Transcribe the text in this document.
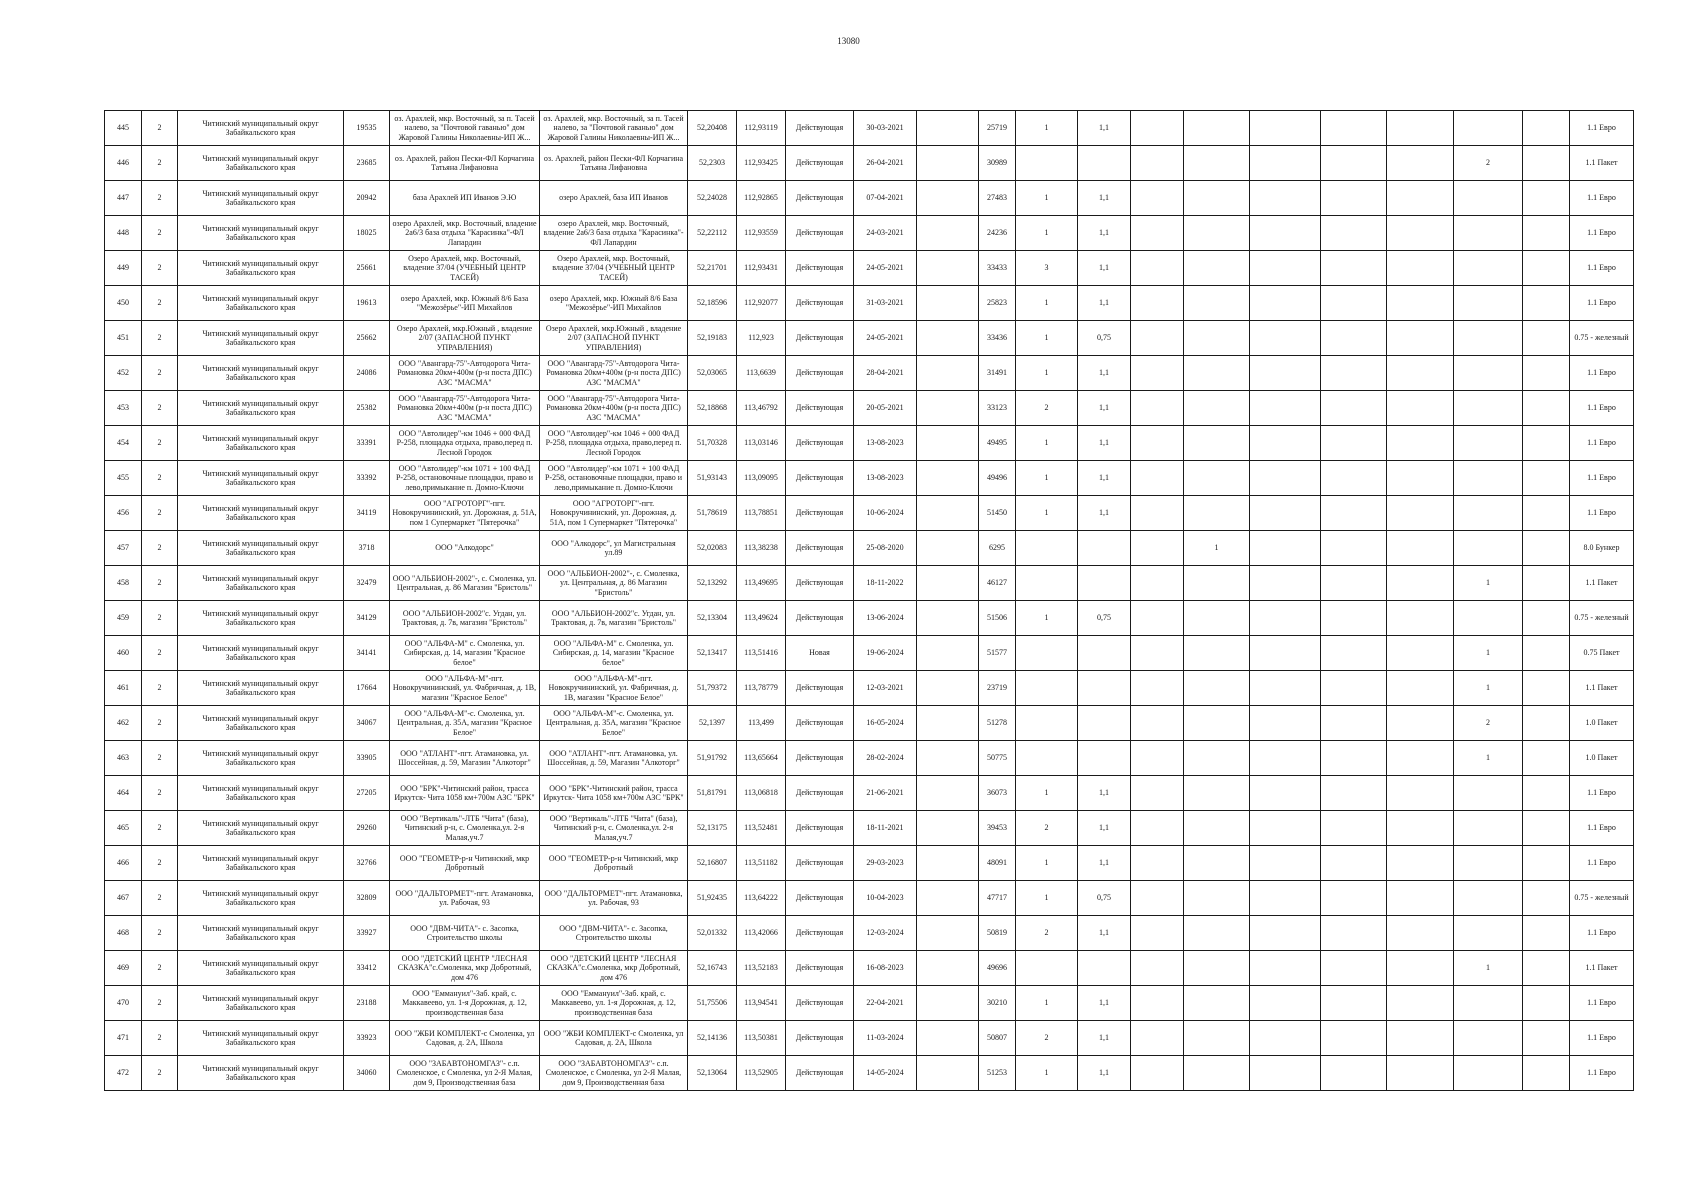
13080
445	2	Читинский муниципальный округ Забайкальского края	19535	оз. Арахлей, мкр. Восточный, за п. Тасей налево, за "Почтовой гаванью" дом Жаровой Галины Николаевны-ИП Ж...	оз. Арахлей, мкр. Восточный, за п. Тасей налево, за "Почтовой гаванью" дом Жаровой Галины Николаевны-ИП Ж...	52,20408	112,93119	Действующая	30-03-2021		25719	1	1,1								1.1 Евро

446	2	Читинский муниципальный округ Забайкальского края	23685	оз. Арахлей, район Пески-ФЛ Корчагина Татьяна Лифановна	оз. Арахлей, район Пески-ФЛ Корчагина Татьяна Лифановна	52,2303	112,93425	Действующая	26-04-2021		30989								2		1.1 Пакет

447	2	Читинский муниципальный округ Забайкальского края	20942	база Арахлей ИП Иванов Э.Ю	озеро Арахлей, база ИП Иванов	52,24028	112,92865	Действующая	07-04-2021		27483	1	1,1								1.1 Евро

448	2	Читинский муниципальный округ Забайкальского края	18025	озеро Арахлей, мкр. Восточный, владение 2а6/3 база отдыха "Карасинка"-ФЛ Лапардин	озеро Арахлей, мкр. Восточный, владение 2а6/3 база отдыха "Карасинка"-ФЛ Лапардин	52,22112	112,93559	Действующая	24-03-2021		24236	1	1,1								1.1 Евро

449	2	Читинский муниципальный округ Забайкальского края	25661	Озеро Арахлей, мкр. Восточный, владение 37/04 (УЧЕБНЫЙ ЦЕНТР ТАСЕЙ)	Озеро Арахлей, мкр. Восточный, владение 37/04 (УЧЕБНЫЙ ЦЕНТР ТАСЕЙ)	52,21701	112,93431	Действующая	24-05-2021		33433	3	1,1								1.1 Евро

450	2	Читинский муниципальный округ Забайкальского края	19613	озеро Арахлей, мкр. Южный 8/6 База "Межозёрье"-ИП Михайлов	озеро Арахлей, мкр. Южный 8/6 База "Межозёрье"-ИП Михайлов	52,18596	112,92077	Действующая	31-03-2021		25823	1	1,1								1.1 Евро

451	2	Читинский муниципальный округ Забайкальского края	25662	Озеро Арахлей, мкр.Южный , владение 2/07 (ЗАПАСНОЙ ПУНКТ УПРАВЛЕНИЯ)	Озеро Арахлей, мкр.Южный , владение 2/07 (ЗАПАСНОЙ ПУНКТ УПРАВЛЕНИЯ)	52,19183	112,923	Действующая	24-05-2021		33436	1	0,75								0.75 - железный

452	2	Читинский муниципальный округ Забайкальского края	24086	ООО "Авангард-75"-Автодорога Чита-Романовка 20км+400м (р-н поста ДПС) АЗС "МАСМА"	ООО "Авангард-75"-Автодорога Чита-Романовка 20км+400м (р-н поста ДПС) АЗС "МАСМА"	52,03065	113,6639	Действующая	28-04-2021		31491	1	1,1								1.1 Евро

453	2	Читинский муниципальный округ Забайкальского края	25382	ООО "Авангард-75"-Автодорога Чита-Романовка 20км+400м (р-н поста ДПС) АЗС "МАСМА"	ООО "Авангард-75"-Автодорога Чита-Романовка 20км+400м (р-н поста ДПС) АЗС "МАСМА"	52,18868	113,46792	Действующая	20-05-2021		33123	2	1,1								1.1 Евро

454	2	Читинский муниципальный округ Забайкальского края	33391	ООО "Автолидер"-км 1046 + 000 ФАД Р-258, площадка отдыха, право,перед п. Лесной Городок	ООО "Автолидер"-км 1046 + 000 ФАД Р-258, площадка отдыха, право,перед п. Лесной Городок	51,70328	113,03146	Действующая	13-08-2023		49495	1	1,1								1.1 Евро

455	2	Читинский муниципальный округ Забайкальского края	33392	ООО "Автолидер"-км 1071 + 100 ФАД Р-258, остановочные площадки, право и лево,примыкание п. Домно-Ключи	ООО "Автолидер"-км 1071 + 100 ФАД Р-258, остановочные площадки, право и лево,примыкание п. Домно-Ключи	51,93143	113,09095	Действующая	13-08-2023		49496	1	1,1								1.1 Евро

456	2	Читинский муниципальный округ Забайкальского края	34119	ООО "АГРОТОРГ"-пгт. Новокручининский, ул. Дорожная, д. 51А, пом 1 Супермаркет "Пятерочка"	ООО "АГРОТОРГ"-пгт. Новокручининский, ул. Дорожная, д. 51А, пом 1 Супермаркет "Пятерочка"	51,78619	113,78851	Действующая	10-06-2024		51450	1	1,1								1.1 Евро

457	2	Читинский муниципальный округ Забайкальского края	3718	ООО "Алкодорс"	ООО "Алкодорс", ул Магистральная ул.89	52,02083	113,38238	Действующая	25-08-2020		6295				1						8.0 Бункер

458	2	Читинский муниципальный округ Забайкальского края	32479	ООО "АЛЬБИОН-2002"-, с. Смоленка, ул. Центральная, д. 86 Магазин "Бристоль"	ООО "АЛЬБИОН-2002"-, с. Смоленка, ул. Центральная, д. 86 Магазин "Бристоль"	52,13292	113,49695	Действующая	18-11-2022		46127								1		1.1 Пакет

459	2	Читинский муниципальный округ Забайкальского края	34129	ООО "АЛЬБИОН-2002"с. Угдан, ул. Трактовая, д. 7в, магазин "Бристоль"	ООО "АЛЬБИОН-2002"с. Угдан, ул. Трактовая, д. 7в, магазин "Бристоль"	52,13304	113,49624	Действующая	13-06-2024		51506	1	0,75								0.75 - железный

460	2	Читинский муниципальный округ Забайкальского края	34141	ООО "АЛЬФА-М" с. Смоленка, ул. Сибирская, д. 14, магазин "Красное белое"	ООО "АЛЬФА-М" с. Смоленка, ул. Сибирская, д. 14, магазин "Красное белое"	52,13417	113,51416	Новая	19-06-2024		51577								1		0.75 Пакет

461	2	Читинский муниципальный округ Забайкальского края	17664	ООО "АЛЬФА-М"-пгт. Новокручининский, ул. Фабричная, д. 1В, магазин "Красное Белое"	ООО "АЛЬФА-М"-пгт. Новокручининский, ул. Фабричная, д. 1В, магазин "Красное Белое"	51,79372	113,78779	Действующая	12-03-2021		23719								1		1.1 Пакет

462	2	Читинский муниципальный округ Забайкальского края	34067	ООО "АЛЬФА-М"-с. Смоленка, ул. Центральная, д. 35А, магазин "Красное Белое"	ООО "АЛЬФА-М"-с. Смоленка, ул. Центральная, д. 35А, магазин "Красное Белое"	52,1397	113,499	Действующая	16-05-2024		51278								2		1.0 Пакет

463	2	Читинский муниципальный округ Забайкальского края	33905	ООО "АТЛАНТ"-пгт. Атамановка, ул. Шоссейная, д. 59, Магазин "Алкоторг"	ООО "АТЛАНТ"-пгт. Атамановка, ул. Шоссейная, д. 59, Магазин "Алкоторг"	51,91792	113,65664	Действующая	28-02-2024		50775								1		1.0 Пакет

464	2	Читинский муниципальный округ Забайкальского края	27205	ООО "БРК"-Читинский район, трасса Иркутск- Чита 1058 км+700м АЗС "БРК"	ООО "БРК"-Читинский район, трасса Иркутск- Чита 1058 км+700м АЗС "БРК"	51,81791	113,06818	Действующая	21-06-2021		36073	1	1,1								1.1 Евро

465	2	Читинский муниципальный округ Забайкальского края	29260	ООО "Вертикаль"-ЛТБ "Чита" (база), Читинский р-н, с. Смоленка,ул. 2-я Малая,уч.7	ООО "Вертикаль"-ЛТБ "Чита" (база), Читинский р-н, с. Смоленка,ул. 2-я Малая,уч.7	52,13175	113,52481	Действующая	18-11-2021		39453	2	1,1								1.1 Евро

466	2	Читинский муниципальный округ Забайкальского края	32766	ООО "ГЕОМЕТР-р-н Читинский, мкр Добротный	ООО "ГЕОМЕТР-р-н Читинский, мкр Добротный	52,16807	113,51182	Действующая	29-03-2023		48091	1	1,1								1.1 Евро

467	2	Читинский муниципальный округ Забайкальского края	32809	ООО "ДАЛЬТОРМЕТ"-пгт. Атамановка, ул. Рабочая, 93	ООО "ДАЛЬТОРМЕТ"-пгт. Атамановка, ул. Рабочая, 93	51,92435	113,64222	Действующая	10-04-2023		47717	1	0,75								0.75 - железный

468	2	Читинский муниципальный округ Забайкальского края	33927	ООО "ДВМ-ЧИТА"- с. Засопка, Строительство школы	ООО "ДВМ-ЧИТА"- с. Засопка, Строительство школы	52,01332	113,42066	Действующая	12-03-2024		50819	2	1,1								1.1 Евро

469	2	Читинский муниципальный округ Забайкальского края	33412	ООО "ДЕТСКИЙ ЦЕНТР "ЛЕСНАЯ СКАЗКА"с.Смоленка, мкр Добротный, дом 476	ООО "ДЕТСКИЙ ЦЕНТР "ЛЕСНАЯ СКАЗКА"с.Смоленка, мкр Добротный, дом 476	52,16743	113,52183	Действующая	16-08-2023		49696								1		1.1 Пакет

470	2	Читинский муниципальный округ Забайкальского края	23188	ООО "Еммануил"-Заб. край, с. Маккавеево, ул. 1-я Дорожная, д. 12, производственная база	ООО "Еммануил"-Заб. край, с. Маккавеево, ул. 1-я Дорожная, д. 12, производственная база	51,75506	113,94541	Действующая	22-04-2021		30210	1	1,1								1.1 Евро

471	2	Читинский муниципальный округ Забайкальского края	33923	ООО "ЖБИ КОМПЛЕКТ-с Смоленка, ул Садовая, д. 2А, Школа	ООО "ЖБИ КОМПЛЕКТ-с Смоленка, ул Садовая, д. 2А, Школа	52,14136	113,50381	Действующая	11-03-2024		50807	2	1,1								1.1 Евро

472	2	Читинский муниципальный округ Забайкальского края	34060	ООО "ЗАБАВТОНОМГАЗ"- с.п. Смоленское, с Смоленка, ул 2-Я Малая, дом 9, Производственная база	ООО "ЗАБАВТОНОМГАЗ"- с.п. Смоленское, с Смоленка, ул 2-Я Малая, дом 9, Производственная база	52,13064	113,52905	Действующая	14-05-2024		51253	1	1,1								1.1 Евро
